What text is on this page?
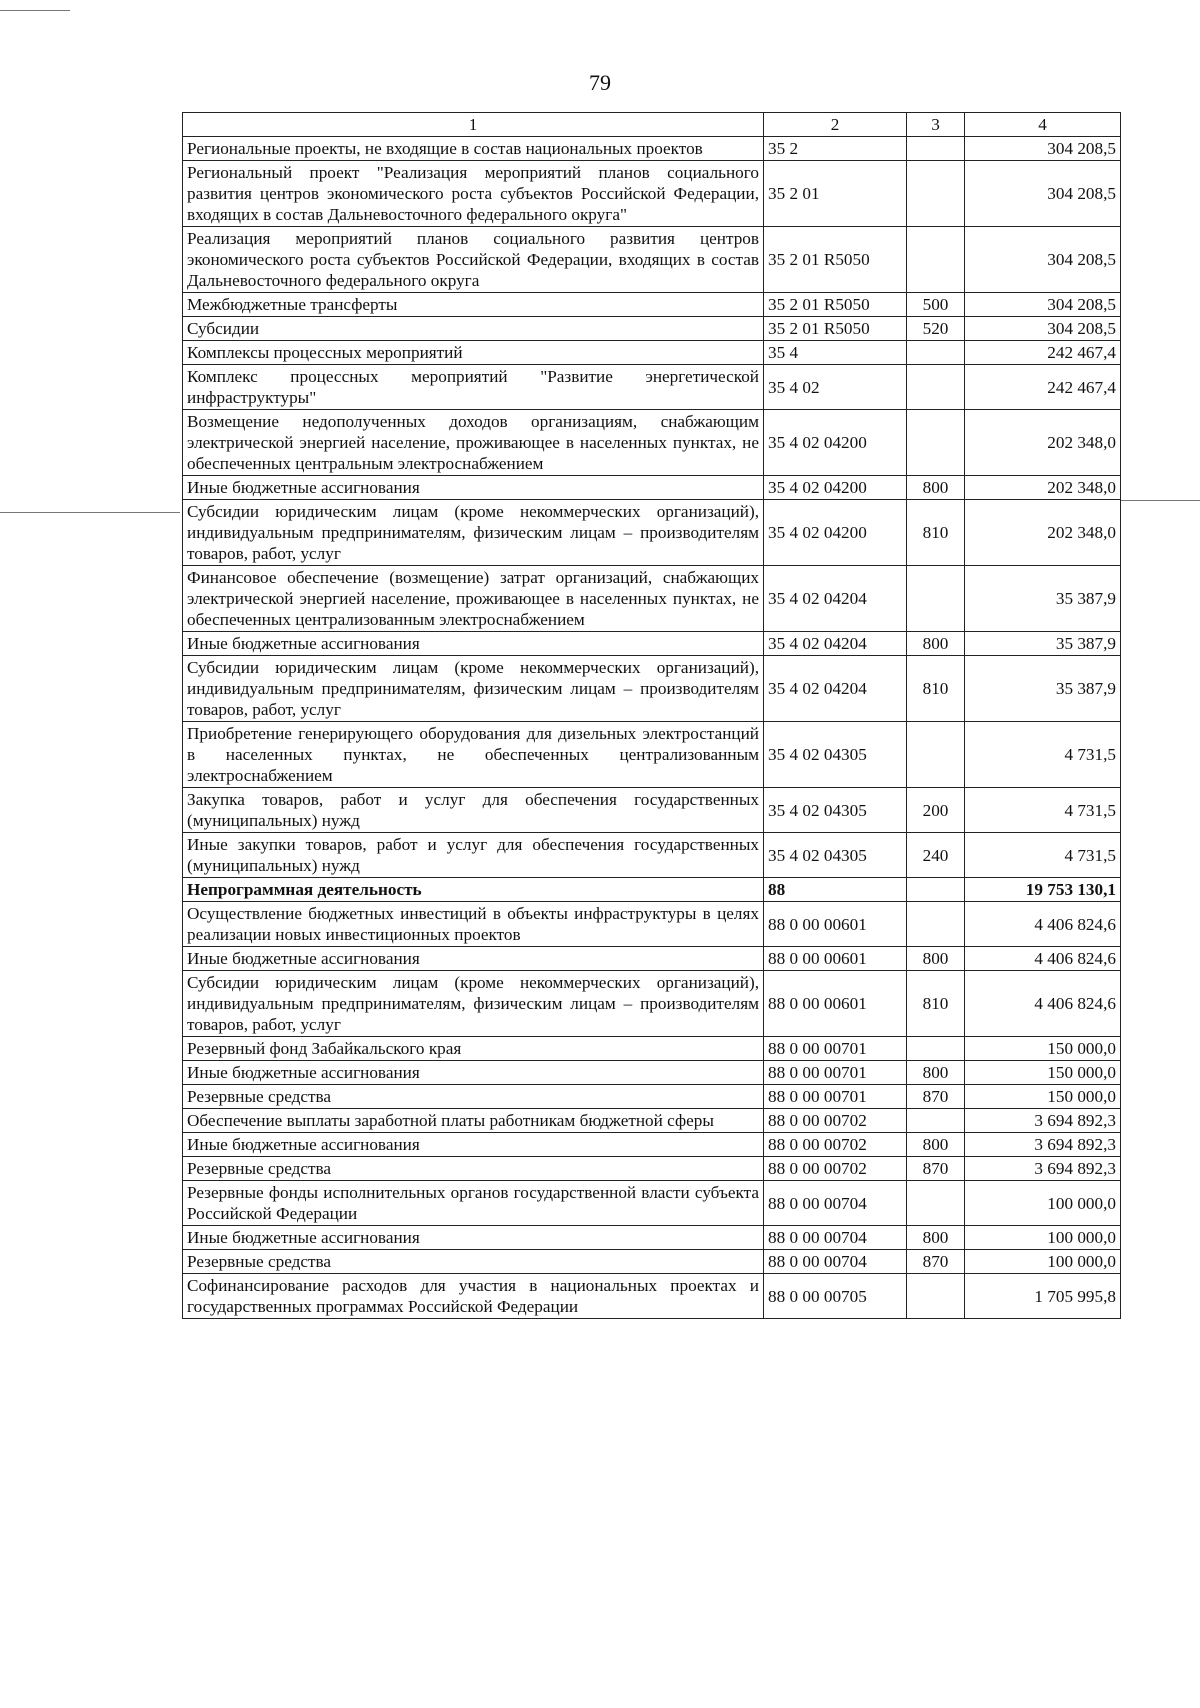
79
1	2	3	4
Региональные проекты, не входящие в состав национальных проектов	35 2		304 208,5
Региональный проект "Реализация мероприятий планов социального развития центров экономического роста субъектов Российской Федерации, входящих в состав Дальневосточного федерального округа"	35 2 01		304 208,5
Реализация мероприятий планов социального развития центров экономического роста субъектов Российской Федерации, входящих в состав Дальневосточного федерального округа	35 2 01 R5050		304 208,5
Межбюджетные трансферты	35 2 01 R5050	500	304 208,5
Субсидии	35 2 01 R5050	520	304 208,5
Комплексы процессных мероприятий	35 4		242 467,4
Комплекс процессных мероприятий "Развитие энергетической инфраструктуры"	35 4 02		242 467,4
Возмещение недополученных доходов организациям, снабжающим электрической энергией население, проживающее в населенных пунктах, не обеспеченных центральным электроснабжением	35 4 02 04200		202 348,0
Иные бюджетные ассигнования	35 4 02 04200	800	202 348,0
Субсидии юридическим лицам (кроме некоммерческих организаций), индивидуальным предпринимателям, физическим лицам – производителям товаров, работ, услуг	35 4 02 04200	810	202 348,0
Финансовое обеспечение (возмещение) затрат организаций, снабжающих электрической энергией население, проживающее в населенных пунктах, не обеспеченных централизованным электроснабжением	35 4 02 04204		35 387,9
Иные бюджетные ассигнования	35 4 02 04204	800	35 387,9
Субсидии юридическим лицам (кроме некоммерческих организаций), индивидуальным предпринимателям, физическим лицам – производителям товаров, работ, услуг	35 4 02 04204	810	35 387,9
Приобретение генерирующего оборудования для дизельных электростанций в населенных пунктах, не обеспеченных централизованным электроснабжением	35 4 02 04305		4 731,5
Закупка товаров, работ и услуг для обеспечения государственных (муниципальных) нужд	35 4 02 04305	200	4 731,5
Иные закупки товаров, работ и услуг для обеспечения государственных (муниципальных) нужд	35 4 02 04305	240	4 731,5
Непрограммная деятельность	88		19 753 130,1
Осуществление бюджетных инвестиций в объекты инфраструктуры в целях реализации новых инвестиционных проектов	88 0 00 00601		4 406 824,6
Иные бюджетные ассигнования	88 0 00 00601	800	4 406 824,6
Субсидии юридическим лицам (кроме некоммерческих организаций), индивидуальным предпринимателям, физическим лицам – производителям товаров, работ, услуг	88 0 00 00601	810	4 406 824,6
Резервный фонд Забайкальского края	88 0 00 00701		150 000,0
Иные бюджетные ассигнования	88 0 00 00701	800	150 000,0
Резервные средства	88 0 00 00701	870	150 000,0
Обеспечение выплаты заработной платы работникам бюджетной сферы	88 0 00 00702		3 694 892,3
Иные бюджетные ассигнования	88 0 00 00702	800	3 694 892,3
Резервные средства	88 0 00 00702	870	3 694 892,3
Резервные фонды исполнительных органов государственной власти субъекта Российской Федерации	88 0 00 00704		100 000,0
Иные бюджетные ассигнования	88 0 00 00704	800	100 000,0
Резервные средства	88 0 00 00704	870	100 000,0
Софинансирование расходов для участия в национальных проектах и государственных программах Российской Федерации	88 0 00 00705		1 705 995,8
